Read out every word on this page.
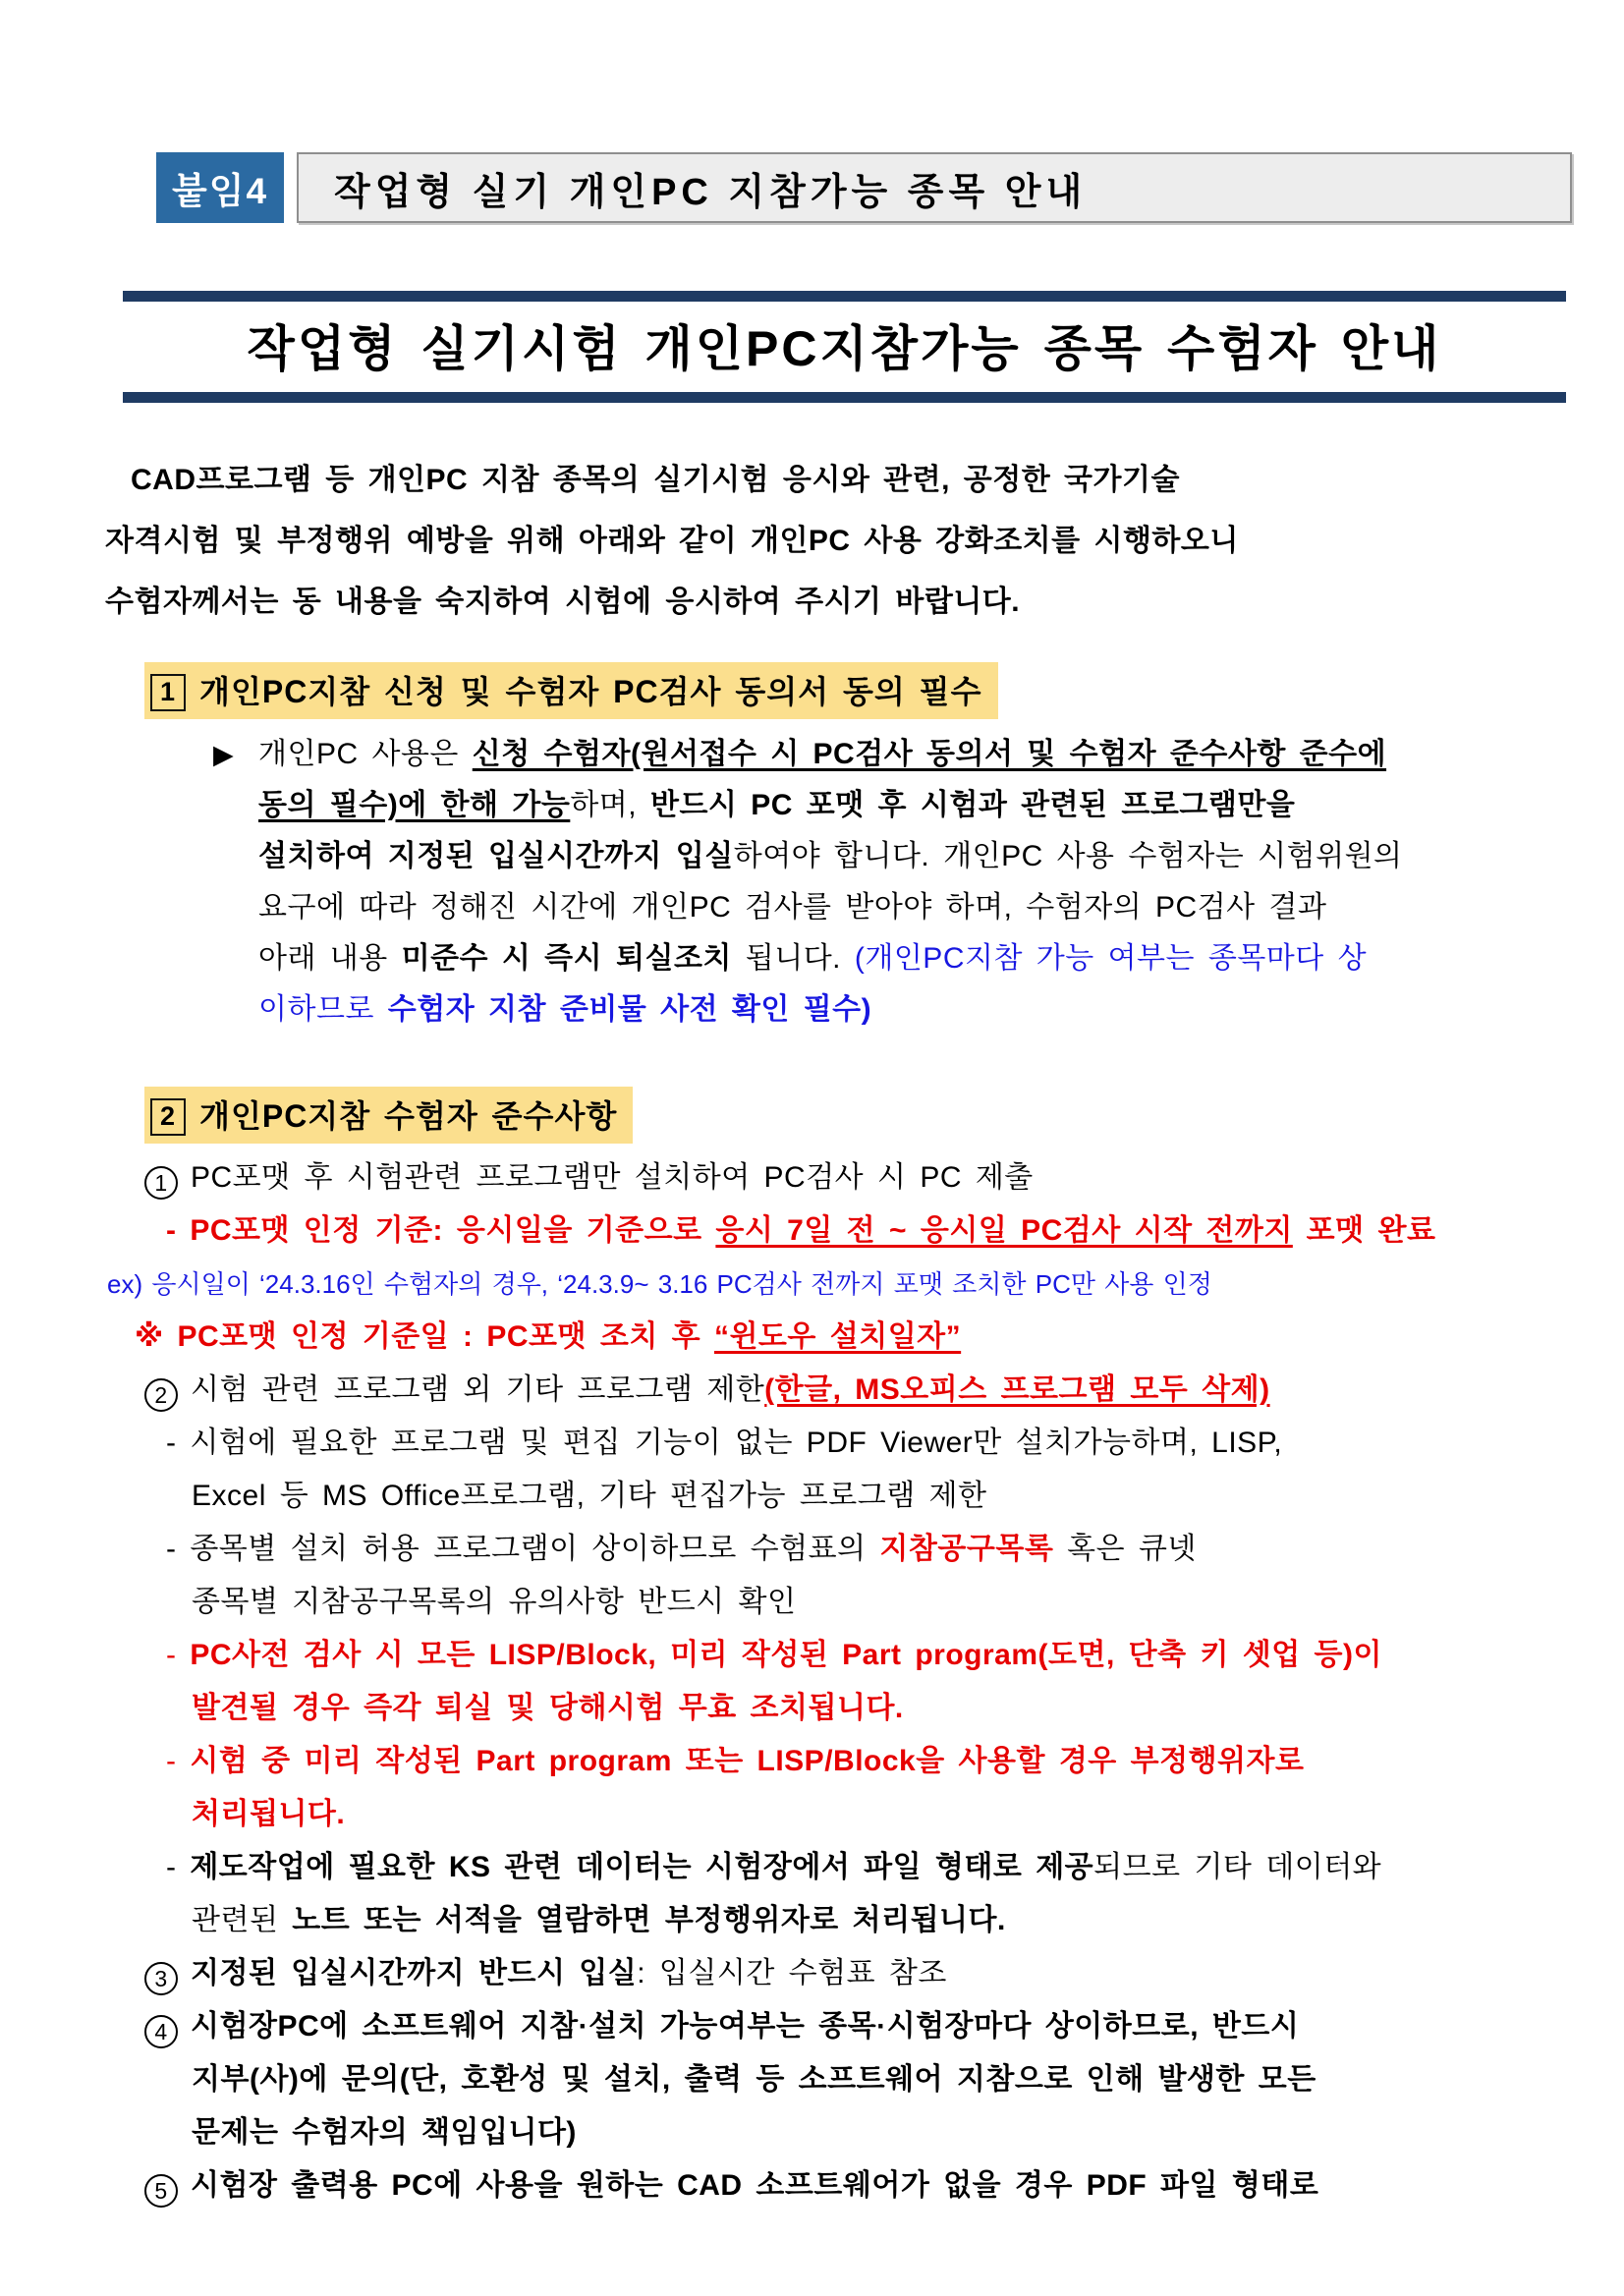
붙임4	작업형 실기 개인PC 지참가능 종목 안내
작업형 실기시험 개인PC지참가능 종목 수험자 안내
CAD프로그램 등 개인PC 지참 종목의 실기시험 응시와 관련, 공정한 국가기술
자격시험 및 부정행위 예방을 위해 아래와 같이 개인PC 사용 강화조치를 시행하오니
수험자께서는 동 내용을 숙지하여 시험에 응시하여 주시기 바랍니다.
1 개인PC지참 신청 및 수험자 PC검사 동의서 동의 필수
▶ 개인PC 사용은 신청 수험자(원서접수 시 PC검사 동의서 및 수험자 준수사항 준수에
동의 필수)에 한해 가능하며, 반드시 PC 포맷 후 시험과 관련된 프로그램만을
설치하여 지정된 입실시간까지 입실하여야 합니다. 개인PC 사용 수험자는 시험위원의
요구에 따라 정해진 시간에 개인PC 검사를 받아야 하며, 수험자의 PC검사 결과
아래 내용 미준수 시 즉시 퇴실조치 됩니다. (개인PC지참 가능 여부는 종목마다 상
이하므로 수험자 지참 준비물 사전 확인 필수)
2 개인PC지참 수험자 준수사항
1 PC포맷 후 시험관련 프로그램만 설치하여 PC검사 시 PC 제출
- PC포맷 인정 기준: 응시일을 기준으로 응시 7일 전 ~ 응시일 PC검사 시작 전까지 포맷 완료
ex) 응시일이 ‘24.3.16인 수험자의 경우, ‘24.3.9~ 3.16 PC검사 전까지 포맷 조치한 PC만 사용 인정
※ PC포맷 인정 기준일 : PC포맷 조치 후 “윈도우 설치일자”
2 시험 관련 프로그램 외 기타 프로그램 제한(한글, MS오피스 프로그램 모두 삭제)
- 시험에 필요한 프로그램 및 편집 기능이 없는 PDF Viewer만 설치가능하며, LISP,
Excel 등 MS Office프로그램, 기타 편집가능 프로그램 제한
- 종목별 설치 허용 프로그램이 상이하므로 수험표의 지참공구목록 혹은 큐넷
종목별 지참공구목록의 유의사항 반드시 확인
- PC사전 검사 시 모든 LISP/Block, 미리 작성된 Part program(도면, 단축 키 셋업 등)이
발견될 경우 즉각 퇴실 및 당해시험 무효 조치됩니다.
- 시험 중 미리 작성된 Part program 또는 LISP/Block을 사용할 경우 부정행위자로
처리됩니다.
- 제도작업에 필요한 KS 관련 데이터는 시험장에서 파일 형태로 제공되므로 기타 데이터와
관련된 노트 또는 서적을 열람하면 부정행위자로 처리됩니다.
3 지정된 입실시간까지 반드시 입실: 입실시간 수험표 참조
4 시험장PC에 소프트웨어 지참·설치 가능여부는 종목·시험장마다 상이하므로, 반드시
지부(사)에 문의(단, 호환성 및 설치, 출력 등 소프트웨어 지참으로 인해 발생한 모든
문제는 수험자의 책임입니다)
5 시험장 출력용 PC에 사용을 원하는 CAD 소프트웨어가 없을 경우 PDF 파일 형태로
